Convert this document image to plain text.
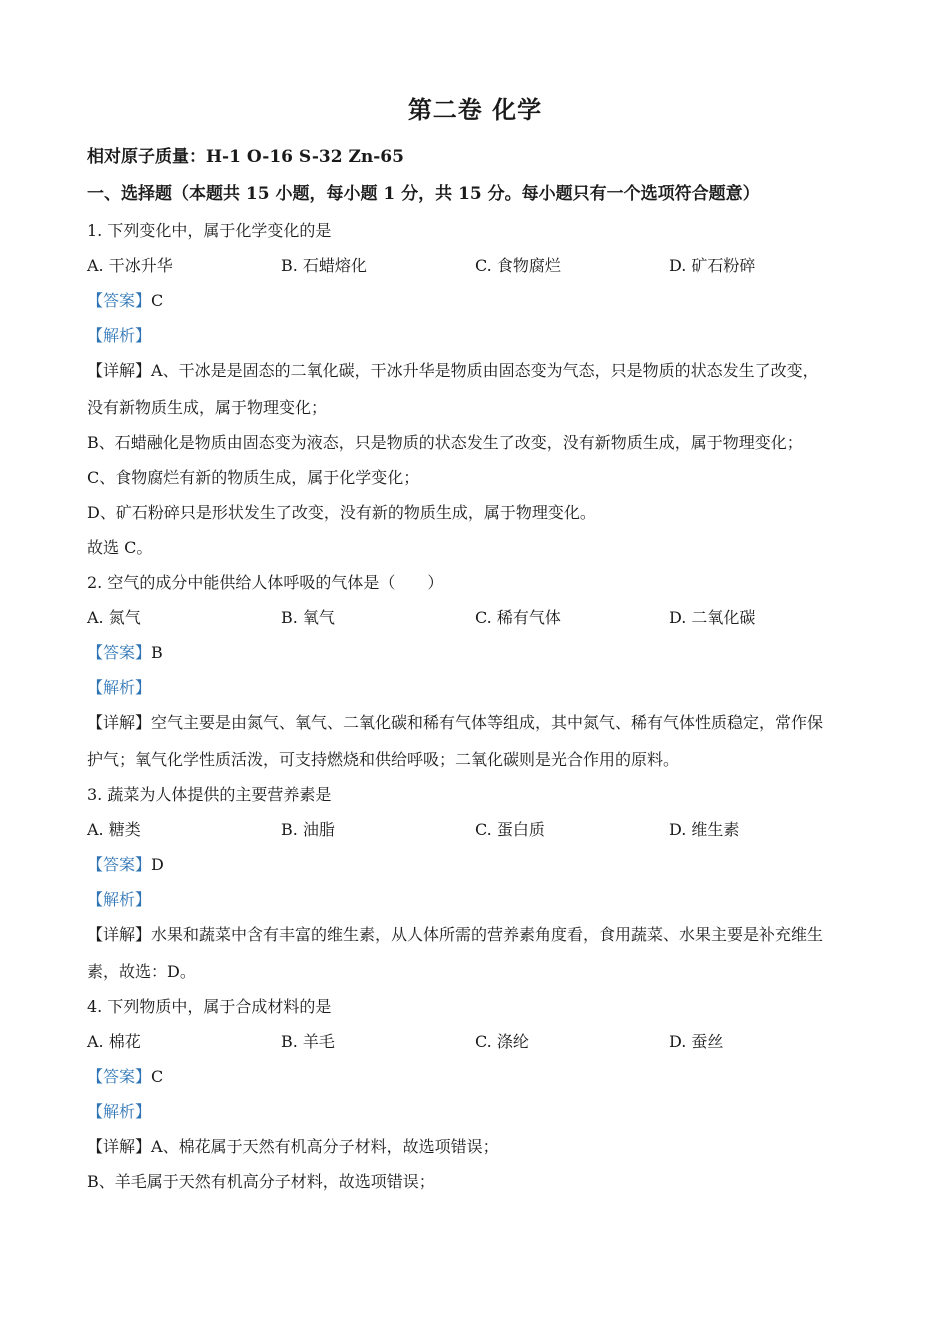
第二卷 化学
相对原子质量：H-1 O-16 S-32 Zn-65
一、选择题（本题共 15 小题，每小题 1 分，共 15 分。每小题只有一个选项符合题意）
1. 下列变化中，属于化学变化的是
A. 干冰升华	B. 石蜡熔化	C. 食物腐烂	D. 矿石粉碎
【答案】C
【解析】
【详解】A、干冰是是固态的二氧化碳，干冰升华是物质由固态变为气态，只是物质的状态发生了改变，
没有新物质生成，属于物理变化；
B、石蜡融化是物质由固态变为液态，只是物质的状态发生了改变，没有新物质生成，属于物理变化；
C、食物腐烂有新的物质生成，属于化学变化；
D、矿石粉碎只是形状发生了改变，没有新的物质生成，属于物理变化。
故选 C。
2. 空气的成分中能供给人体呼吸的气体是（　　）
A. 氮气	B. 氧气	C. 稀有气体	D. 二氧化碳
【答案】B
【解析】
【详解】空气主要是由氮气、氧气、二氧化碳和稀有气体等组成，其中氮气、稀有气体性质稳定，常作保
护气；氧气化学性质活泼，可支持燃烧和供给呼吸；二氧化碳则是光合作用的原料。
3. 蔬菜为人体提供的主要营养素是
A. 糖类	B. 油脂	C. 蛋白质	D. 维生素
【答案】D
【解析】
【详解】水果和蔬菜中含有丰富的维生素，从人体所需的营养素角度看，食用蔬菜、水果主要是补充维生
素，故选：D。
4. 下列物质中，属于合成材料的是
A. 棉花	B. 羊毛	C. 涤纶	D. 蚕丝
【答案】C
【解析】
【详解】A、棉花属于天然有机高分子材料，故选项错误；
B、羊毛属于天然有机高分子材料，故选项错误；
